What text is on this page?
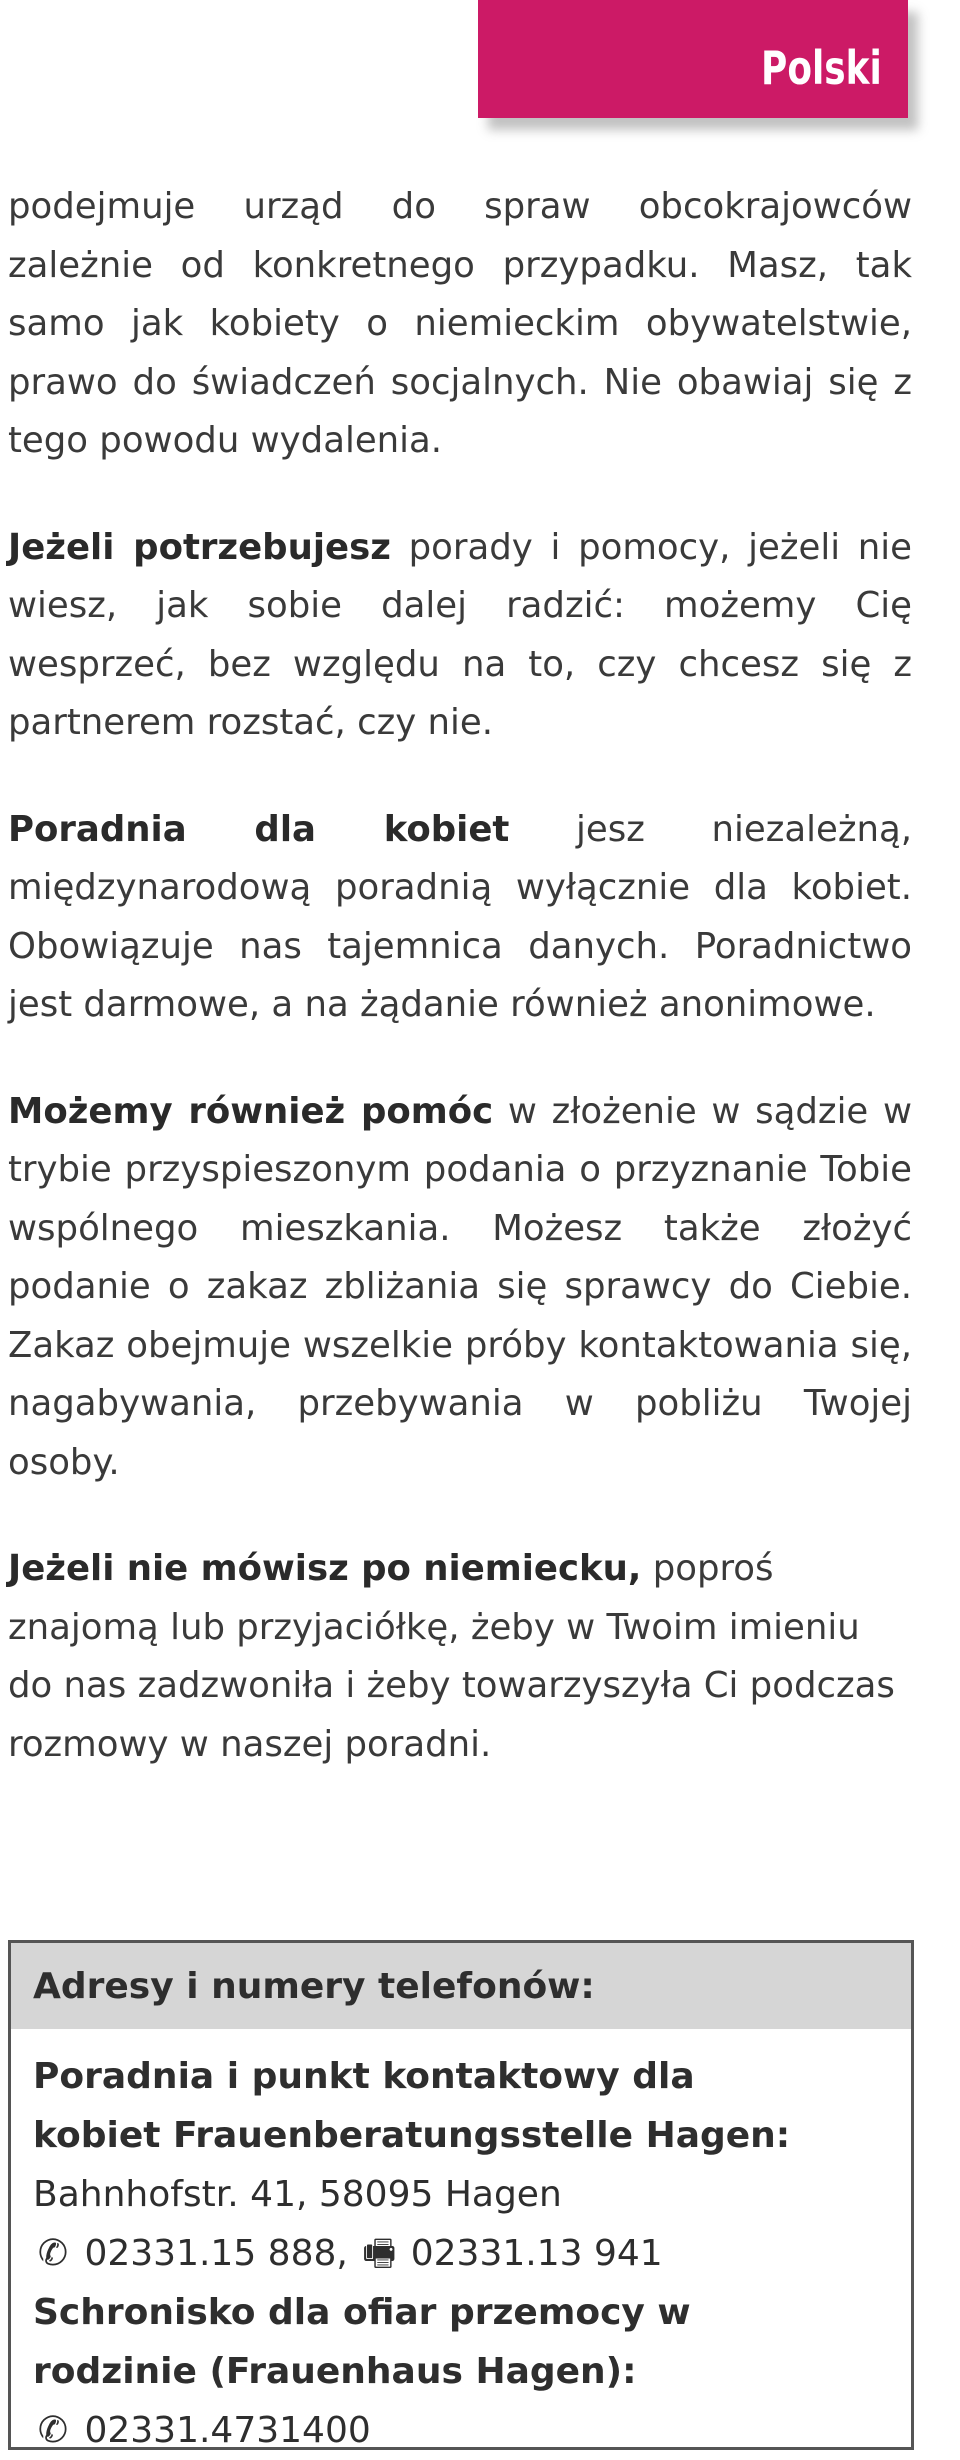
Polski

podejmuje urząd do spraw obcokrajowców zależnie od konkretnego przypadku. Masz, tak samo jak kobiety o niemieckim obywatelstwie, prawo do świadczeń socjalnych. Nie obawiaj się z tego powodu wydalenia.

Jeżeli potrzebujesz porady i pomocy, jeżeli nie wiesz, jak sobie dalej radzić: możemy Cię wesprzeć, bez względu na to, czy chcesz się z partnerem rozstać, czy nie.

Poradnia dla kobiet jesz niezależną, międzynarodową poradnią wyłącznie dla kobiet. Obowiązuje nas tajemnica danych. Poradnictwo jest darmowe, a na żądanie również anonimowe.

Możemy również pomóc w złożenie w sądzie w trybie przyspieszonym podania o przyznanie Tobie wspólnego mieszkania. Możesz także złożyć podanie o zakaz zbliżania się sprawcy do Ciebie. Zakaz obejmuje wszelkie próby kontaktowania się, nagabywania, przebywania w pobliżu Twojej osoby.

Jeżeli nie mówisz po niemiecku, poproś znajomą lub przyjaciółkę, żeby w Twoim imieniu do nas zadzwoniła i żeby towarzyszyła Ci podczas rozmowy w naszej poradni.

Adresy i numery telefonów:
Poradnia i punkt kontaktowy dla
kobiet Frauenberatungsstelle Hagen:
Bahnhofstr. 41, 58095 Hagen
✆ 02331.15 888, 🖷 02331.13 941
Schronisko dla ofiar przemocy w
rodzinie (Frauenhaus Hagen):
✆ 02331.4731400
